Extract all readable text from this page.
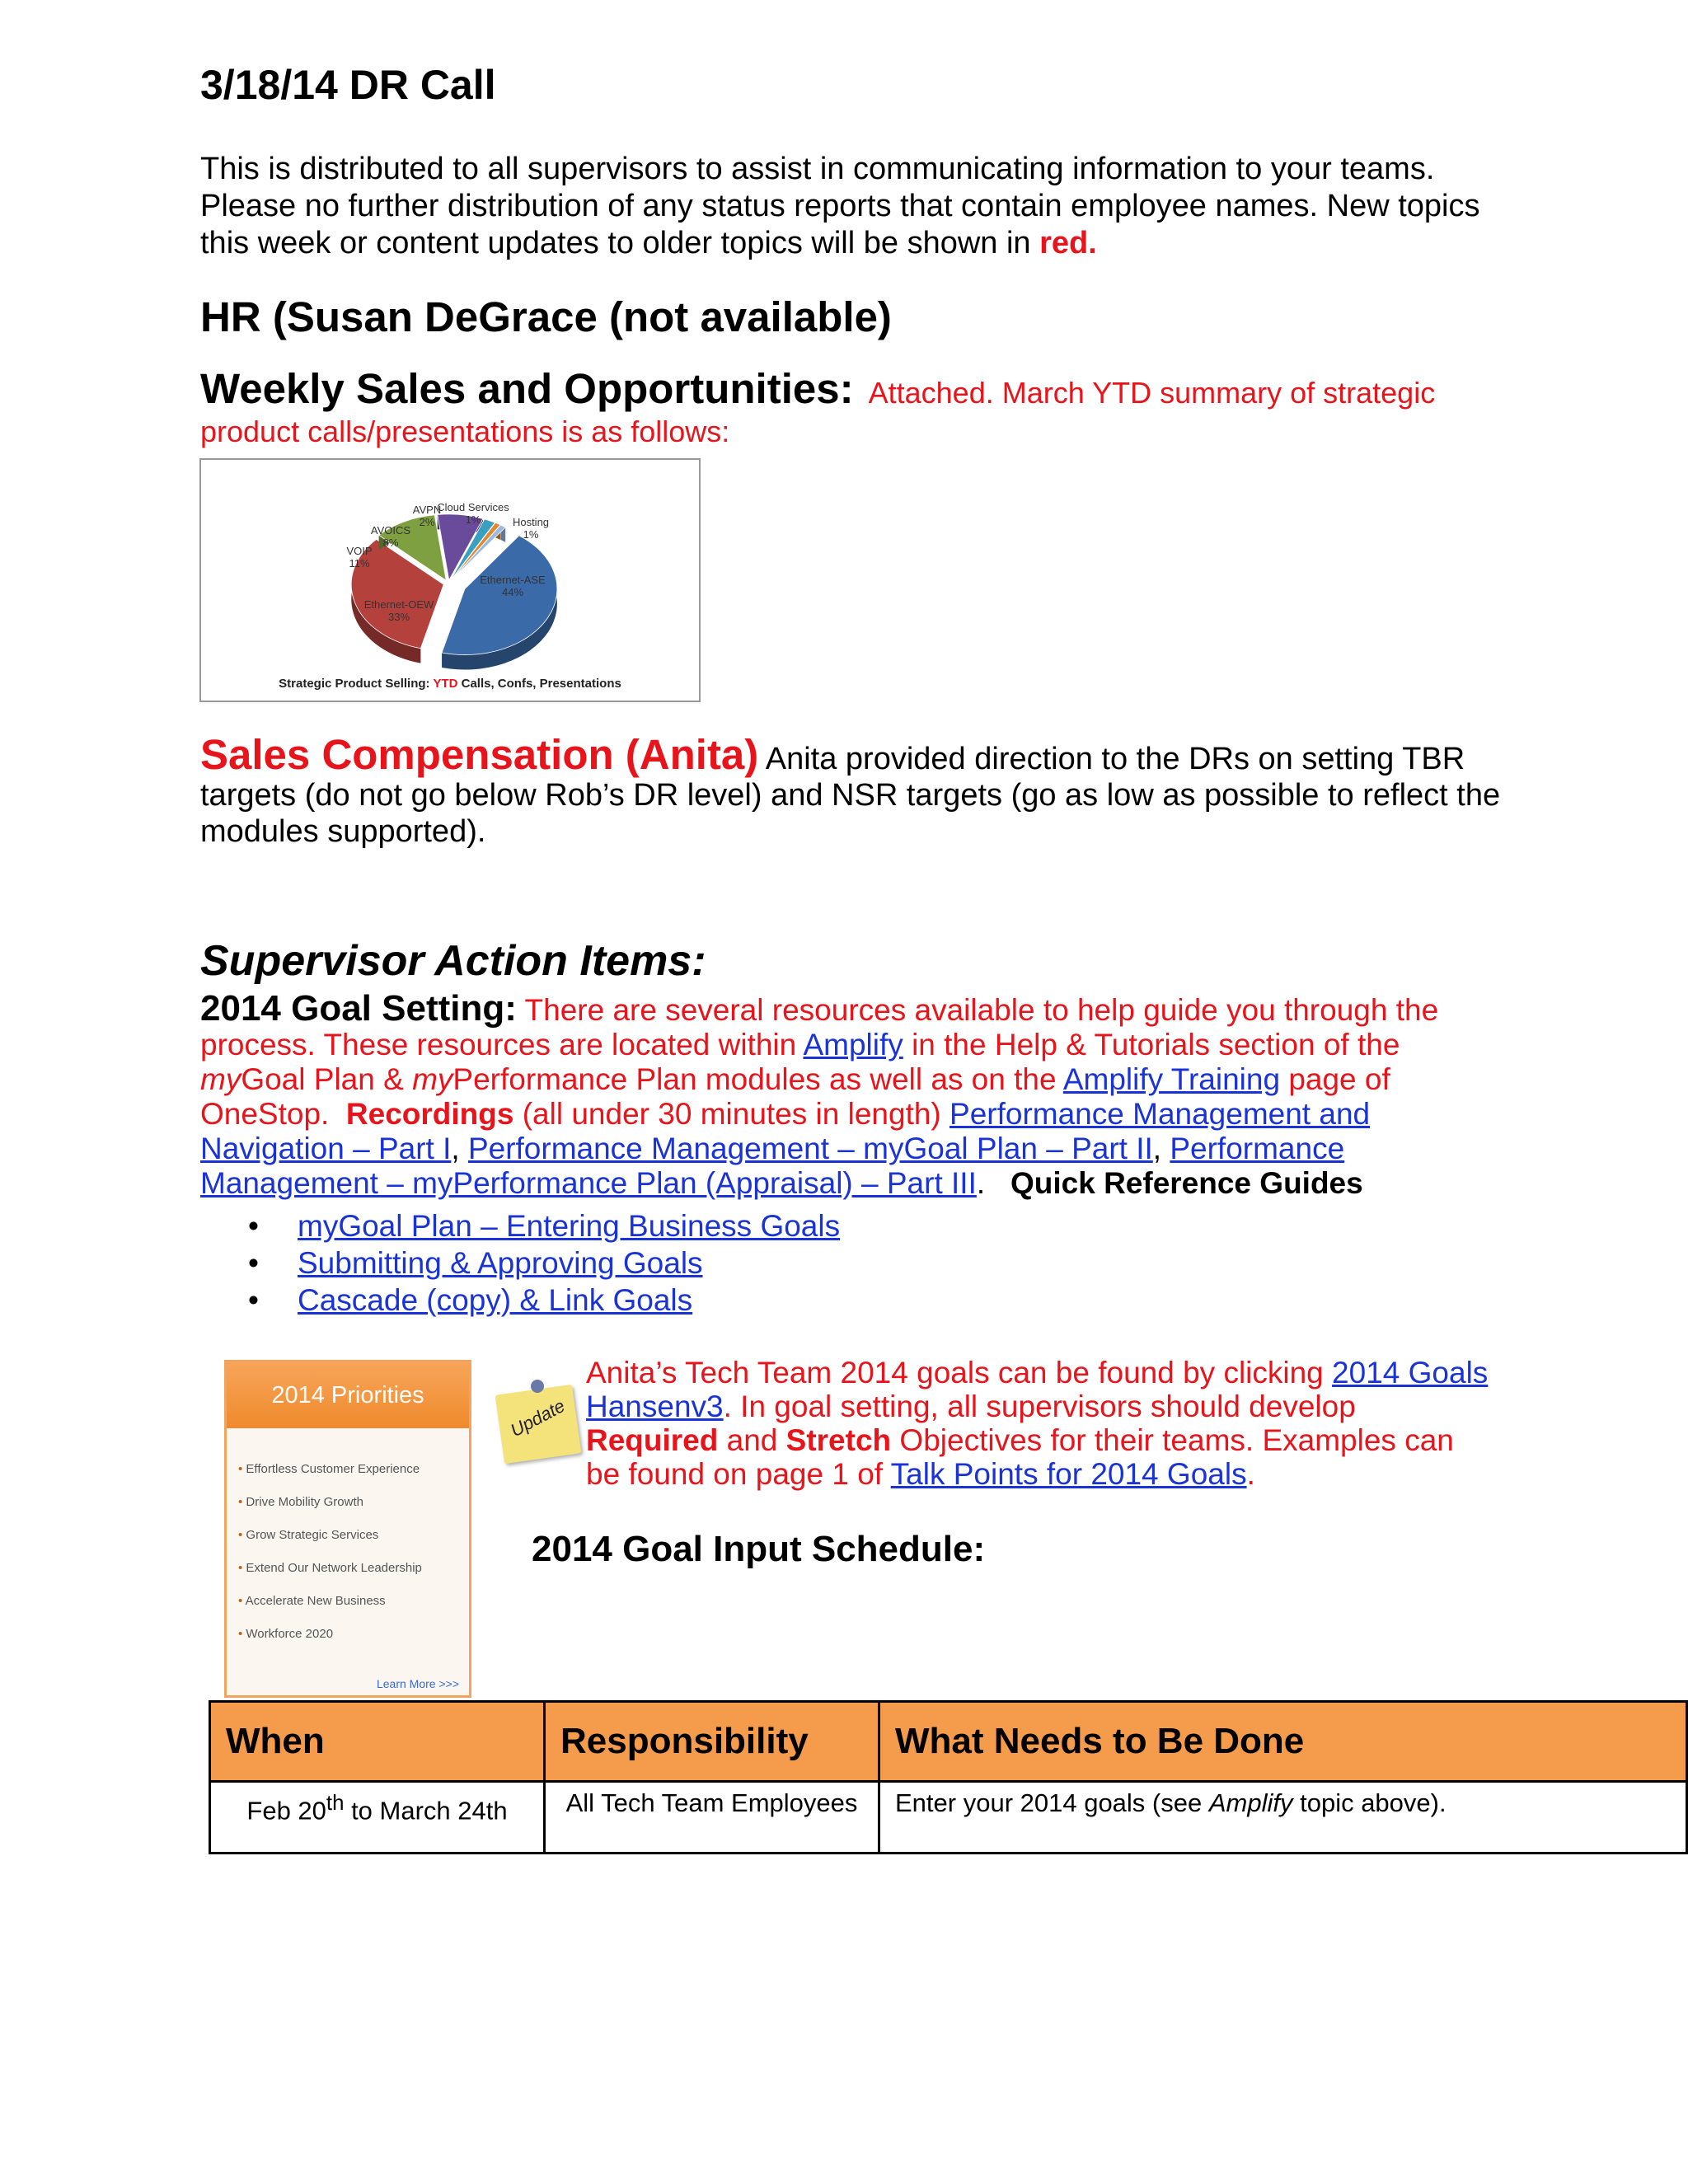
3/18/14 DR Call
This is distributed to all supervisors to assist in communicating information to your teams. Please no further distribution of any status reports that contain employee names. New topics this week or content updates to older topics will be shown in red.
HR (Susan DeGrace (not available)
Weekly Sales and Opportunities: Attached. March YTD summary of strategic product calls/presentations is as follows:
Ethernet-ASE
44%
Ethernet-OEW
33%
VOIP
11%
AVOICS
8%
AVPN
2%
Cloud Services
1%	Hosting
1%
Strategic Product Selling: YTD Calls, Confs, Presentations
Sales Compensation (Anita) Anita provided direction to the DRs on setting TBR targets (do not go below Rob’s DR level) and NSR targets (go as low as possible to reflect the modules supported).
Supervisor Action Items:
2014 Goal Setting: There are several resources available to help guide you through the process. These resources are located within Amplify in the Help & Tutorials section of the myGoal Plan & myPerformance Plan modules as well as on the Amplify Training page of OneStop. Recordings (all under 30 minutes in length) Performance Management and Navigation – Part I, Performance Management – myGoal Plan – Part II, Performance Management – myPerformance Plan (Appraisal) – Part III. Quick Reference Guides
• myGoal Plan – Entering Business Goals
• Submitting & Approving Goals
• Cascade (copy) & Link Goals
2014 Priorities
• Effortless Customer Experience
• Drive Mobility Growth
• Grow Strategic Services
• Extend Our Network Leadership
• Accelerate New Business
• Workforce 2020
Learn More >>>
Update
Anita’s Tech Team 2014 goals can be found by clicking 2014 Goals Hansenv3. In goal setting, all supervisors should develop Required and Stretch Objectives for their teams. Examples can be found on page 1 of Talk Points for 2014 Goals.
2014 Goal Input Schedule:
When	Responsibility	What Needs to Be Done
Feb 20th to March 24th	All Tech Team Employees	Enter your 2014 goals (see Amplify topic above).
